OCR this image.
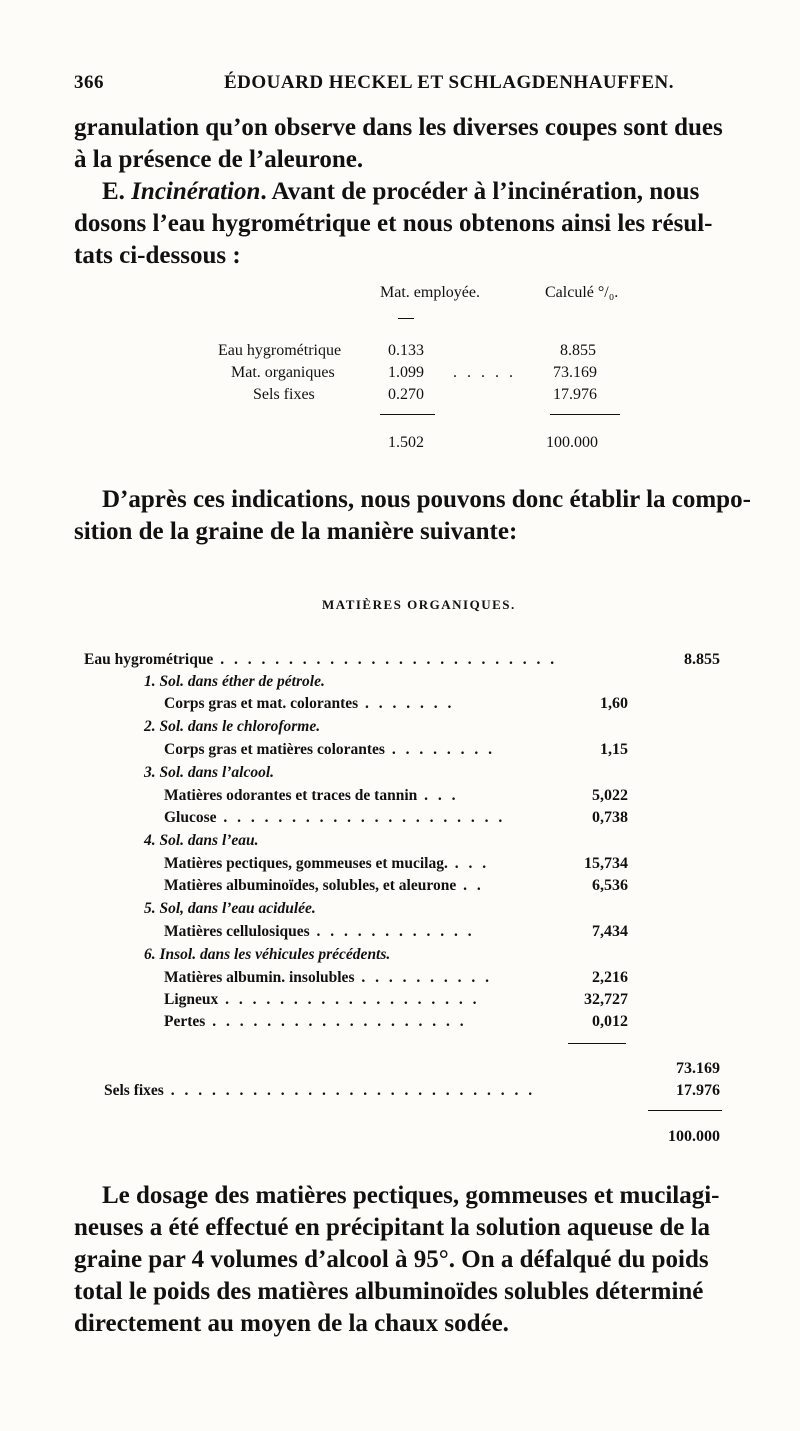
366	ÉDOUARD HECKEL ET SCHLAGDENHAUFFEN.
granulation qu’on observe dans les diverses coupes sont dues
à la présence de l’aleurone.
E. Incinération. Avant de procéder à l’incinération, nous
dosons l’eau hygrométrique et nous obtenons ainsi les résul-
tats ci-dessous :
Mat. employée.	Calculé °/₀.
Eau hygrométrique	0.133	8.855
Mat. organiques	1.099 . . . . . 73.169
Sels fixes	0.270	17.976
1.502	100.000
D’après ces indications, nous pouvons donc établir la compo-
sition de la graine de la manière suivante:
MATIÈRES ORGANIQUES.
Eau hygrométrique . . . . . . . . . . . . . . . . . . . . . . . . .	8.855
1. Sol. dans éther de pétrole.
Corps gras et mat. colorantes . . . . . . .	1,60
2. Sol. dans le chloroforme.
Corps gras et matières colorantes . . . . . . . .	1,15
3. Sol. dans l’alcool.
Matières odorantes et traces de tannin . . .	5,022
Glucose . . . . . . . . . . . . . . . . . . . . .	0,738
4. Sol. dans l’eau.
Matières pectiques, gommeuses et mucilag. . . .	15,734
Matières albuminoïdes, solubles, et aleurone . .	6,536
5. Sol, dans l’eau acidulée.
Matières cellulosiques . . . . . . . . . . . .	7,434
6. Insol. dans les véhicules précédents.
Matières albumin. insolubles . . . . . . . . . .	2,216
Ligneux . . . . . . . . . . . . . . . . . . .	32,727
Pertes . . . . . . . . . . . . . . . . . . .	0,012
73.169
Sels fixes . . . . . . . . . . . . . . . . . . . . . . . . . . .	17.976
100.000
Le dosage des matières pectiques, gommeuses et mucilagi-
neuses a été effectué en précipitant la solution aqueuse de la
graine par 4 volumes d’alcool à 95°. On a défalqué du poids
total le poids des matières albuminoïdes solubles déterminé
directement au moyen de la chaux sodée.
